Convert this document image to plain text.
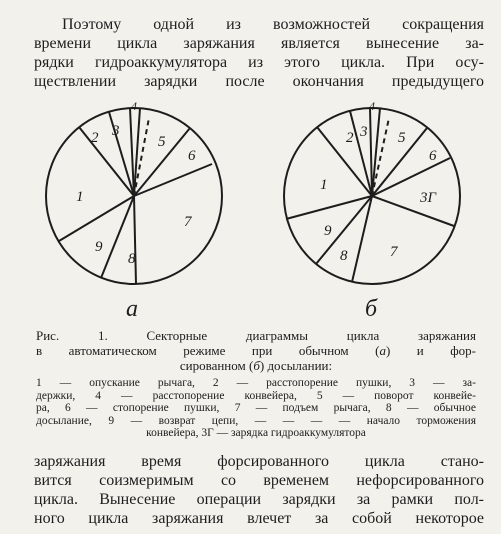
Поэтому одной из возможностей сокращения
времени цикла заряжания является вынесение за-
рядки гидроаккумулятора из этого цикла. При осу-
ществлении зарядки после окончания предыдущего
1
2 3
4
5
6
7
8
9
а
1
2 3
4
5
6
3Г
7
8
9
б
Рис. 1.	Секторные диаграммы цикла заряжания
в автоматическом режиме при обычном (а) и фор-
сированном (б) досылании:
1 — опускание рычага, 2 — расстопорение пушки, 3 — за-
держки, 4 — расстопорение конвейера, 5 — поворот конвейе-
ра, 6 — стопорение пушки, 7 — подъем рычага, 8 — обычное
досылание, 9 — возврат цепи, — — — — начало торможения
конвейера, 3Г — зарядка гидроаккумулятора
заряжания время форсированного цикла стано-
вится соизмеримым со временем нефорсированного
цикла. Вынесение операции зарядки за рамки пол-
ного цикла заряжания влечет за собой некоторое
